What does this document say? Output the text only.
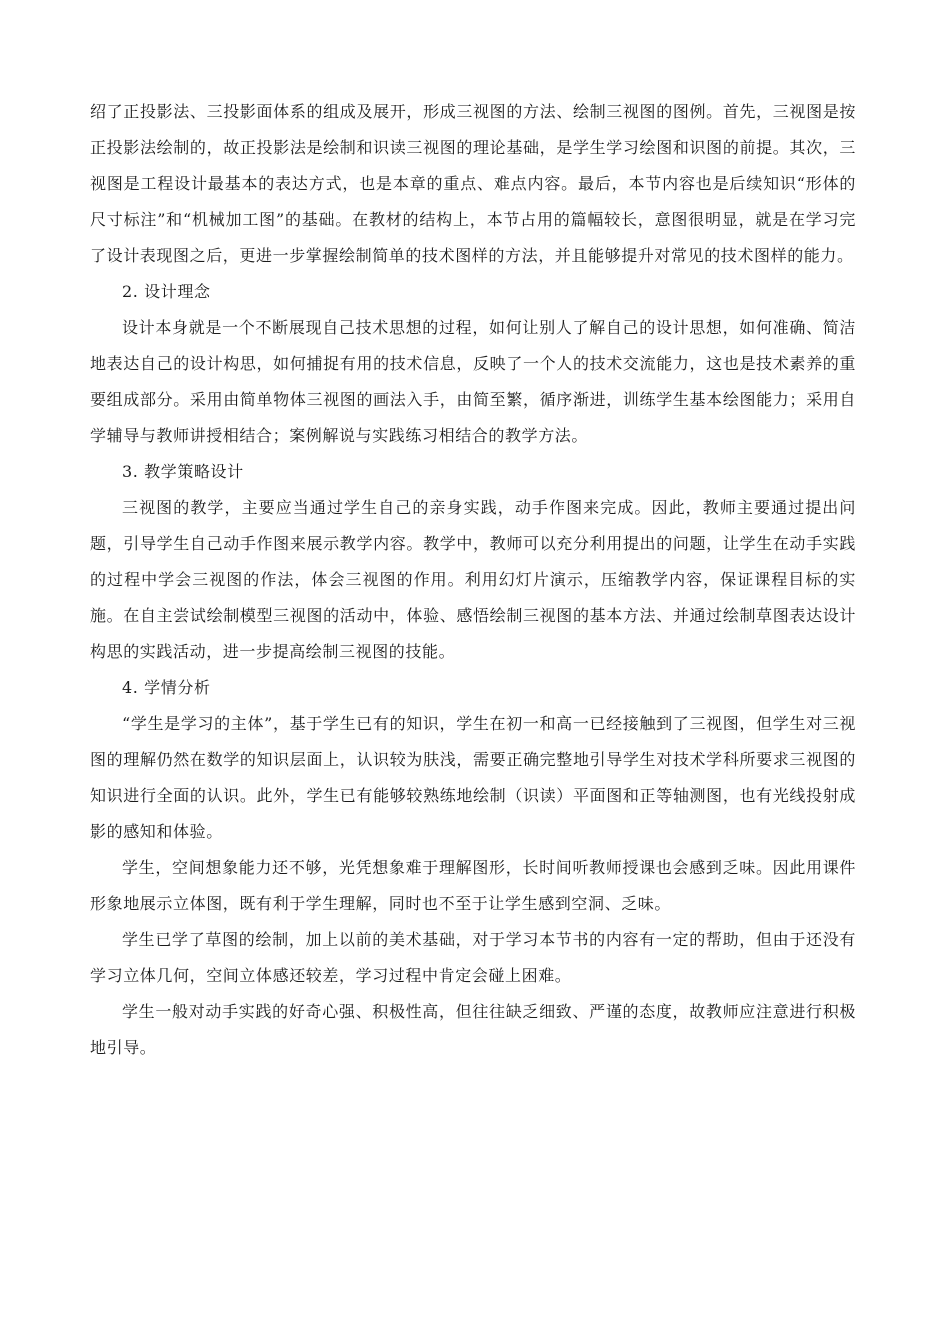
绍了正投影法、三投影面体系的组成及展开，形成三视图的方法、绘制三视图的图例。首先，三视图是按正投影法绘制的，故正投影法是绘制和识读三视图的理论基础，是学生学习绘图和识图的前提。其次，三视图是工程设计最基本的表达方式，也是本章的重点、难点内容。最后，本节内容也是后续知识“形体的尺寸标注”和“机械加工图”的基础。在教材的结构上，本节占用的篇幅较长，意图很明显，就是在学习完了设计表现图之后，更进一步掌握绘制简单的技术图样的方法，并且能够提升对常见的技术图样的能力。

2. 设计理念

设计本身就是一个不断展现自己技术思想的过程，如何让别人了解自己的设计思想，如何准确、简洁地表达自己的设计构思，如何捕捉有用的技术信息，反映了一个人的技术交流能力，这也是技术素养的重要组成部分。采用由简单物体三视图的画法入手，由简至繁，循序渐进，训练学生基本绘图能力；采用自学辅导与教师讲授相结合；案例解说与实践练习相结合的教学方法。

3. 教学策略设计

三视图的教学，主要应当通过学生自己的亲身实践，动手作图来完成。因此，教师主要通过提出问题，引导学生自己动手作图来展示教学内容。教学中，教师可以充分利用提出的问题，让学生在动手实践的过程中学会三视图的作法，体会三视图的作用。利用幻灯片演示，压缩教学内容，保证课程目标的实施。在自主尝试绘制模型三视图的活动中，体验、感悟绘制三视图的基本方法、并通过绘制草图表达设计构思的实践活动，进一步提高绘制三视图的技能。

4. 学情分析

“学生是学习的主体”，基于学生已有的知识，学生在初一和高一已经接触到了三视图，但学生对三视图的理解仍然在数学的知识层面上，认识较为肤浅，需要正确完整地引导学生对技术学科所要求三视图的知识进行全面的认识。此外，学生已有能够较熟练地绘制（识读）平面图和正等轴测图，也有光线投射成影的感知和体验。

学生，空间想象能力还不够，光凭想象难于理解图形，长时间听教师授课也会感到乏味。因此用课件形象地展示立体图，既有利于学生理解，同时也不至于让学生感到空洞、乏味。

学生已学了草图的绘制，加上以前的美术基础，对于学习本节书的内容有一定的帮助，但由于还没有学习立体几何，空间立体感还较差，学习过程中肯定会碰上困难。

学生一般对动手实践的好奇心强、积极性高，但往往缺乏细致、严谨的态度，故教师应注意进行积极地引导。
